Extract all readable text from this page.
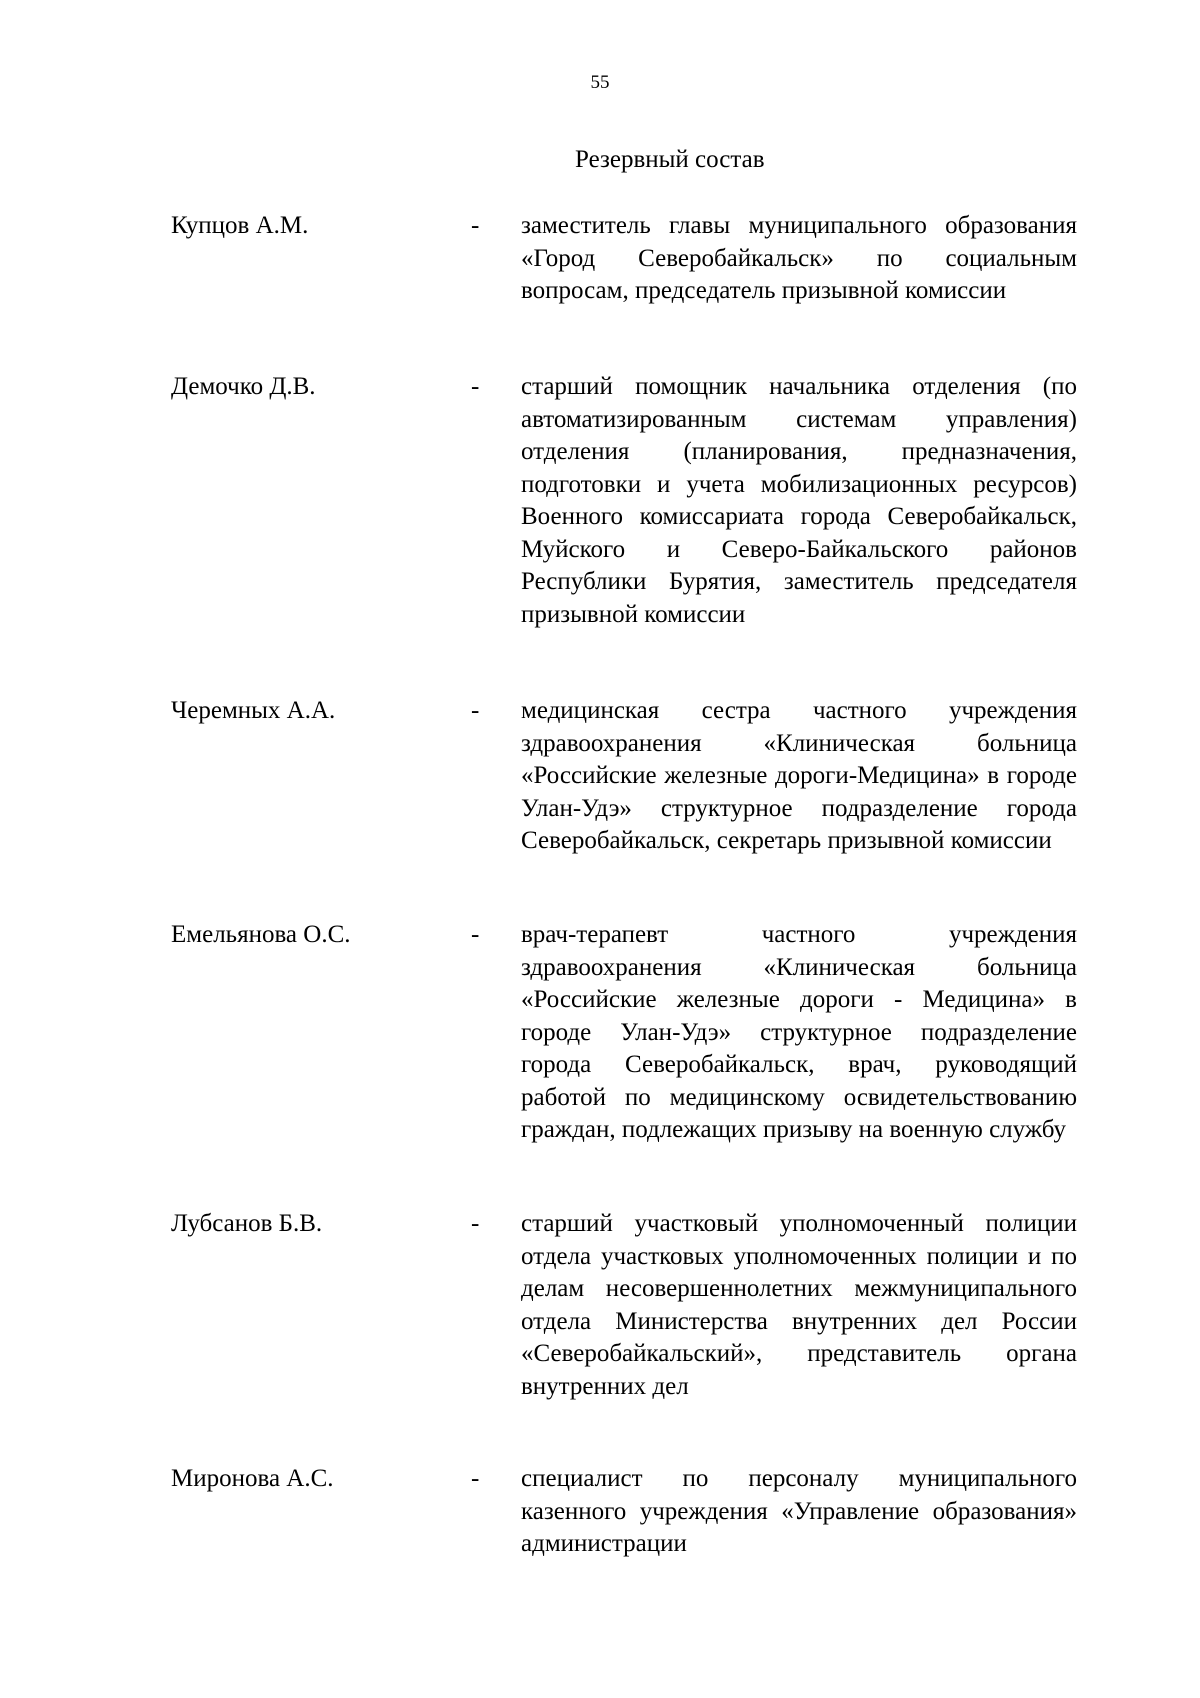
55
Резервный состав
Купцов А.М.	- заместитель главы муниципального образования «Город Северобайкальск» по социальным вопросам, председатель призывной комиссии
Демочко Д.В.	- старший помощник начальника отделения (по автоматизированным системам управления) отделения (планирования, предназначения, подготовки и учета мобилизационных ресурсов) Военного комиссариата города Северобайкальск, Муйского и Северо-Байкальского районов Республики Бурятия, заместитель председателя призывной комиссии
Черемных А.А.	- медицинская сестра частного учреждения здравоохранения «Клиническая больница «Российские железные дороги-Медицина» в городе Улан-Удэ» структурное подразделение города Северобайкальск, секретарь призывной комиссии
Емельянова О.С.	- врач-терапевт частного учреждения здравоохранения «Клиническая больница «Российские железные дороги - Медицина» в городе Улан-Удэ» структурное подразделение города Северобайкальск, врач, руководящий работой по медицинскому освидетельствованию граждан, подлежащих призыву на военную службу
Лубсанов Б.В.	- старший участковый уполномоченный полиции отдела участковых уполномоченных полиции и по делам несовершеннолетних межмуниципального отдела Министерства внутренних дел России «Северобайкальский», представитель органа внутренних дел
Миронова А.С.	- специалист по персоналу муниципального казенного учреждения «Управление образования» администрации
